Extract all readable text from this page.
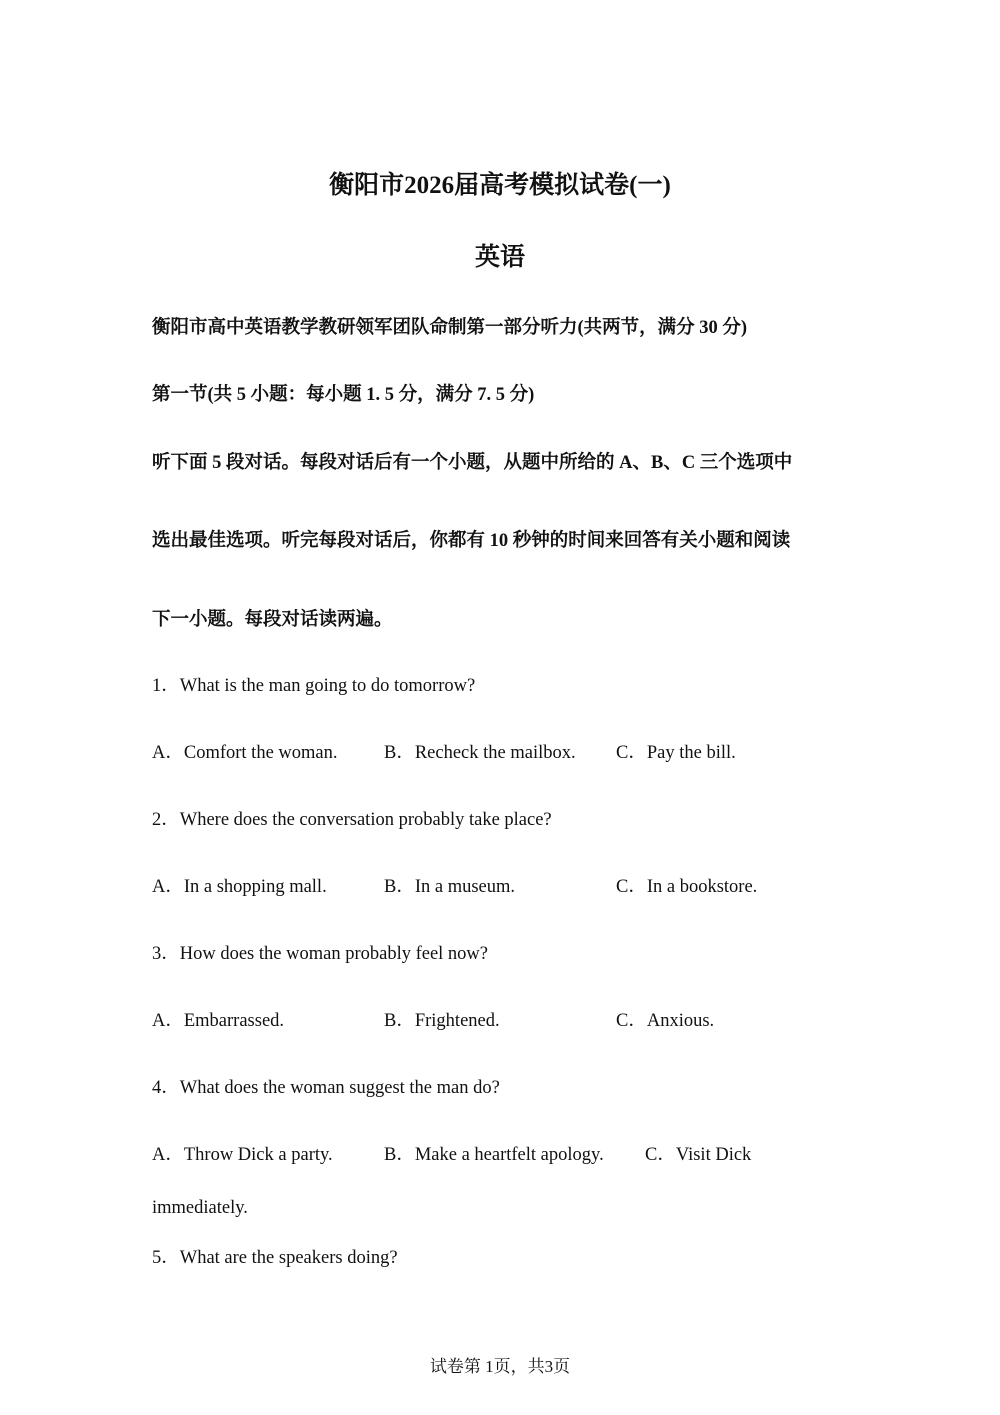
衡阳市2026届高考模拟试卷(一)
英语
衡阳市高中英语教学教研领军团队命制第一部分听力(共两节，满分 30 分)
第一节(共 5 小题：每小题 1. 5 分，满分 7. 5 分)
听下面 5 段对话。每段对话后有一个小题，从题中所给的 A、B、C 三个选项中
选出最佳选项。听完每段对话后，你都有 10 秒钟的时间来回答有关小题和阅读
下一小题。每段对话读两遍。
1．What is the man going to do tomorrow?
A．Comfort the woman.	B．Recheck the mailbox. C．Pay the bill.
2．Where does the conversation probably take place?
A．In a shopping mall.	B．In a museum.	C．In a bookstore.
3．How does the woman probably feel now?
A．Embarrassed.	B．Frightened.	C．Anxious.
4．What does the woman suggest the man do?
A．Throw Dick a party.	B．Make a heartfelt apology. C．Visit Dick
immediately.
5．What are the speakers doing?
试卷第 1页，共3页
